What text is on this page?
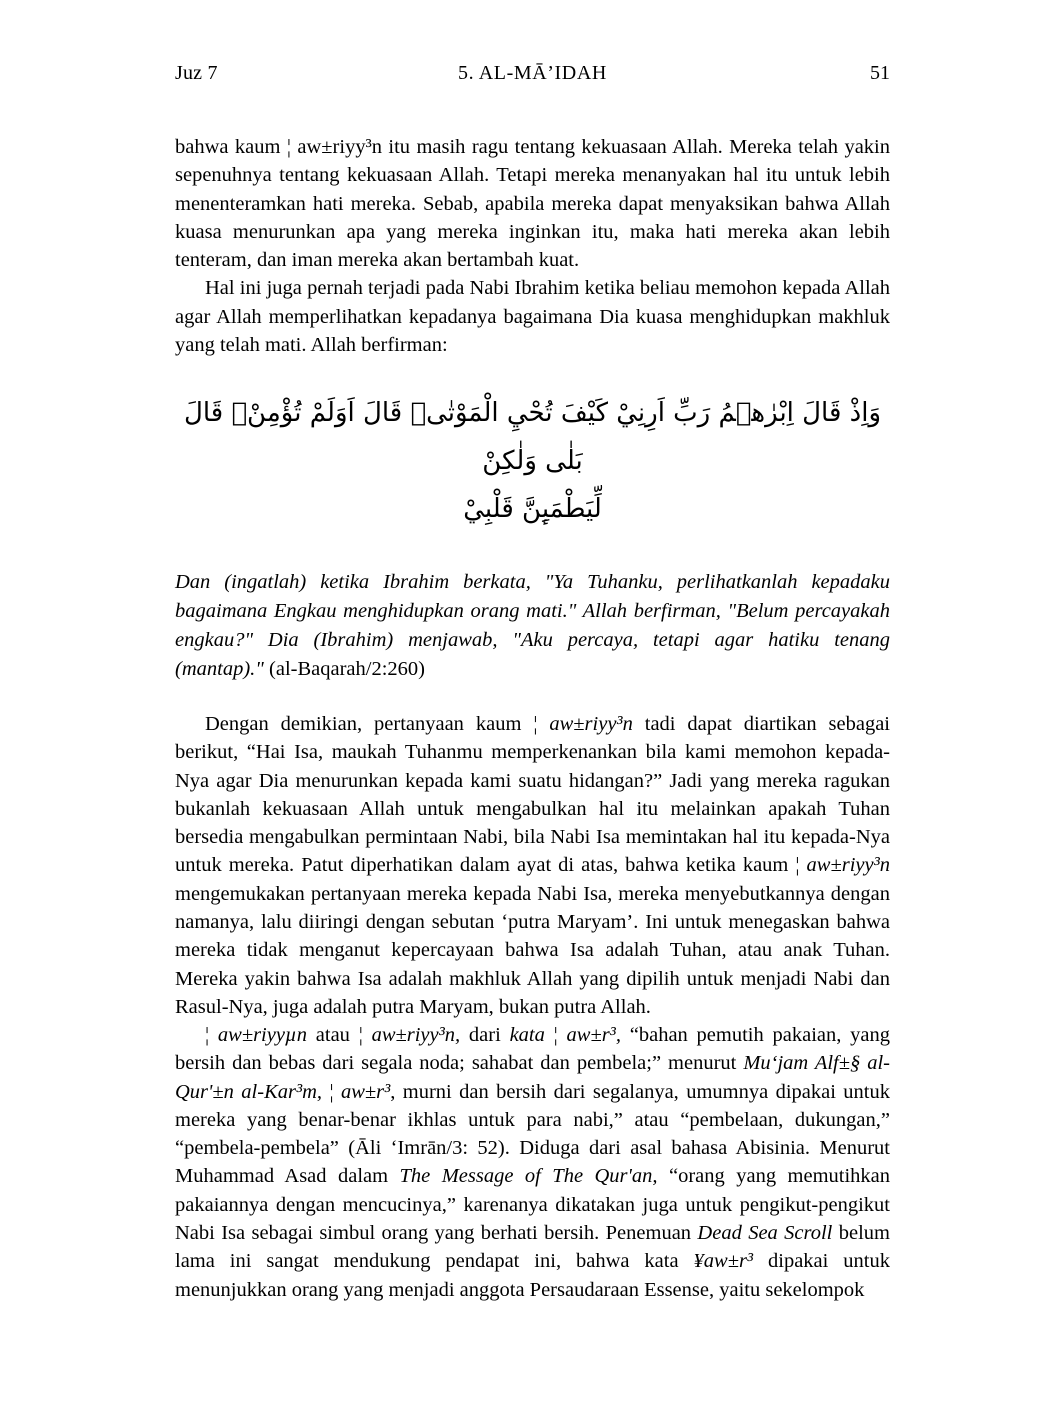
Juz 7	5. AL-MĀ’IDAH	51

bahwa kaum ¦ aw±riyy³n itu masih ragu tentang kekuasaan Allah. Mereka telah yakin sepenuhnya tentang kekuasaan Allah. Tetapi mereka menanyakan hal itu untuk lebih menenteramkan hati mereka. Sebab, apabila mereka dapat menyaksikan bahwa Allah kuasa menurunkan apa yang mereka inginkan itu, maka hati mereka akan lebih tenteram, dan iman mereka akan bertambah kuat.

Hal ini juga pernah terjadi pada Nabi Ibrahim ketika beliau memohon kepada Allah agar Allah memperlihatkan kepadanya bagaimana Dia kuasa menghidupkan makhluk yang telah mati. Allah berfirman:

وَاِذْ قَالَ اِبْرٰهٖمُ رَبِّ اَرِنِيْ كَيْفَ تُحْيِ الْمَوْتٰىۗ قَالَ اَوَلَمْ تُؤْمِنْۗ قَالَ بَلٰى وَلٰكِنْ
لِّيَطْمَىِٕنَّ قَلْبِيْ

Dan (ingatlah) ketika Ibrahim berkata, "Ya Tuhanku, perlihatkanlah kepadaku bagaimana Engkau menghidupkan orang mati." Allah berfirman, "Belum percayakah engkau?" Dia (Ibrahim) menjawab, "Aku percaya, tetapi agar hatiku tenang (mantap)." (al-Baqarah/2:260)

Dengan demikian, pertanyaan kaum ¦ aw±riyy³n tadi dapat diartikan sebagai berikut, “Hai Isa, maukah Tuhanmu memperkenankan bila kami memohon kepada-Nya agar Dia menurunkan kepada kami suatu hidangan?” Jadi yang mereka ragukan bukanlah kekuasaan Allah untuk mengabulkan hal itu melainkan apakah Tuhan bersedia mengabulkan permintaan Nabi, bila Nabi Isa memintakan hal itu kepada-Nya untuk mereka. Patut diperhatikan dalam ayat di atas, bahwa ketika kaum ¦ aw±riyy³n mengemukakan pertanyaan mereka kepada Nabi Isa, mereka menyebutkannya dengan namanya, lalu diiringi dengan sebutan ‘putra Maryam’. Ini untuk menegaskan bahwa mereka tidak menganut kepercayaan bahwa Isa adalah Tuhan, atau anak Tuhan. Mereka yakin bahwa Isa adalah makhluk Allah yang dipilih untuk menjadi Nabi dan Rasul-Nya, juga adalah putra Maryam, bukan putra Allah.

¦ aw±riyyµn atau ¦ aw±riyy³n, dari kata ¦ aw±r³, “bahan pemutih pakaian, yang bersih dan bebas dari segala noda; sahabat dan pembela;” menurut Mu‘jam Alf±§ al-Qur'±n al-Kar³m, ¦ aw±r³, murni dan bersih dari segalanya, umumnya dipakai untuk mereka yang benar-benar ikhlas untuk para nabi,” atau “pembelaan, dukungan,” “pembela-pembela” (Āli ‘Imrān/3: 52). Diduga dari asal bahasa Abisinia. Menurut Muhammad Asad dalam The Message of The Qur'an, “orang yang memutihkan pakaiannya dengan mencucinya,” karenanya dikatakan juga untuk pengikut-pengikut Nabi Isa sebagai simbul orang yang berhati bersih. Penemuan Dead Sea Scroll belum lama ini sangat mendukung pendapat ini, bahwa kata ¥aw±r³ dipakai untuk menunjukkan orang yang menjadi anggota Persaudaraan Essense, yaitu sekelompok
